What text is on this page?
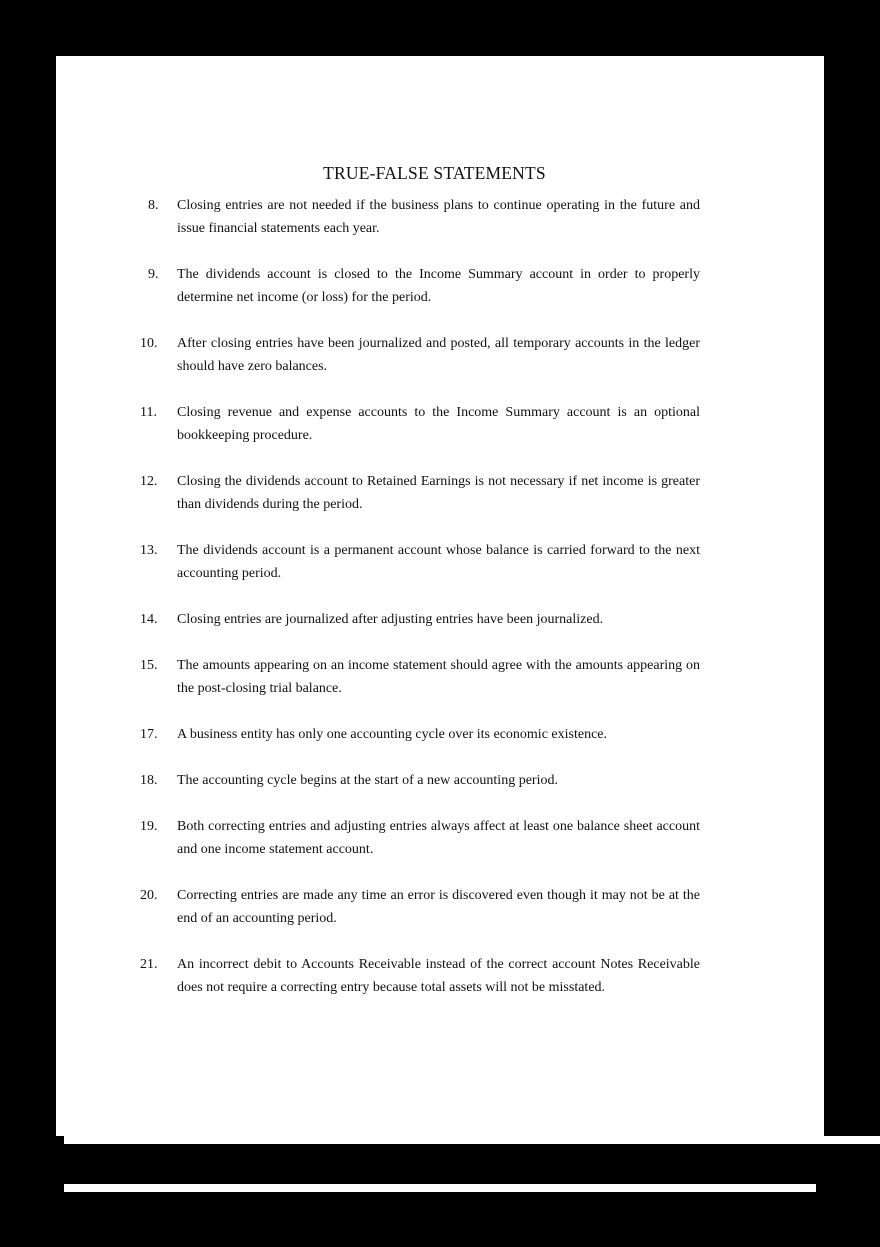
TRUE-FALSE STATEMENTS
8. Closing entries are not needed if the business plans to continue operating in the future and issue financial statements each year.
9. The dividends account is closed to the Income Summary account in order to properly determine net income (or loss) for the period.
10. After closing entries have been journalized and posted, all temporary accounts in the ledger should have zero balances.
11. Closing revenue and expense accounts to the Income Summary account is an optional bookkeeping procedure.
12. Closing the dividends account to Retained Earnings is not necessary if net income is greater than dividends during the period.
13. The dividends account is a permanent account whose balance is carried forward to the next accounting period.
14. Closing entries are journalized after adjusting entries have been journalized.
15. The amounts appearing on an income statement should agree with the amounts appearing on the post-closing trial balance.
17. A business entity has only one accounting cycle over its economic existence.
18. The accounting cycle begins at the start of a new accounting period.
19. Both correcting entries and adjusting entries always affect at least one balance sheet account and one income statement account.
20. Correcting entries are made any time an error is discovered even though it may not be at the end of an accounting period.
21. An incorrect debit to Accounts Receivable instead of the correct account Notes Receivable does not require a correcting entry because total assets will not be misstated.
